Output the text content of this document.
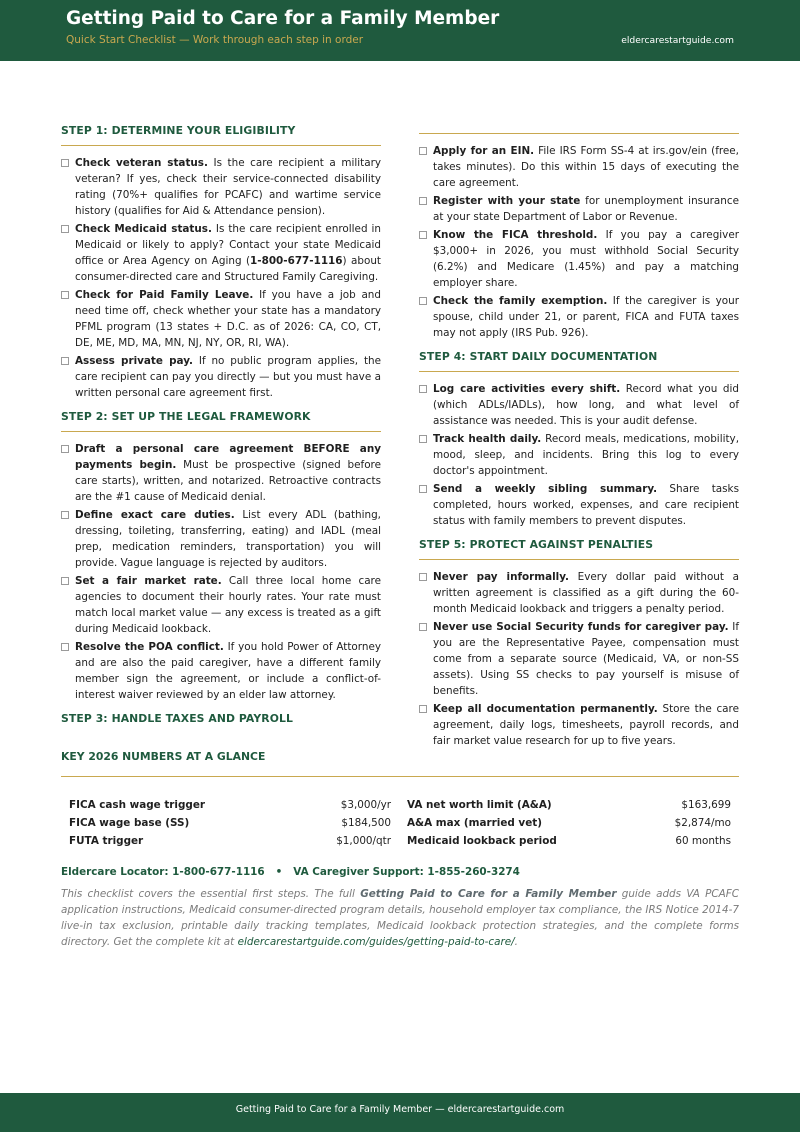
Getting Paid to Care for a Family Member
Quick Start Checklist — Work through each step in order	eldercarestartguide.com
STEP 1: DETERMINE YOUR ELIGIBILITY
Check veteran status. Is the care recipient a military veteran? If yes, check their service-connected disability rating (70%+ qualifies for PCAFC) and wartime service history (qualifies for Aid & Attendance pension).
Check Medicaid status. Is the care recipient enrolled in Medicaid or likely to apply? Contact your state Medicaid office or Area Agency on Aging (1-800-677-1116) about consumer-directed care and Structured Family Caregiving.
Check for Paid Family Leave. If you have a job and need time off, check whether your state has a mandatory PFML program (13 states + D.C. as of 2026: CA, CO, CT, DE, ME, MD, MA, MN, NJ, NY, OR, RI, WA).
Assess private pay. If no public program applies, the care recipient can pay you directly — but you must have a written personal care agreement first.
STEP 2: SET UP THE LEGAL FRAMEWORK
Draft a personal care agreement BEFORE any payments begin. Must be prospective (signed before care starts), written, and notarized. Retroactive contracts are the #1 cause of Medicaid denial.
Define exact care duties. List every ADL (bathing, dressing, toileting, transferring, eating) and IADL (meal prep, medication reminders, transportation) you will provide. Vague language is rejected by auditors.
Set a fair market rate. Call three local home care agencies to document their hourly rates. Your rate must match local market value — any excess is treated as a gift during Medicaid lookback.
Resolve the POA conflict. If you hold Power of Attorney and are also the paid caregiver, have a different family member sign the agreement, or include a conflict-of-interest waiver reviewed by an elder law attorney.
STEP 3: HANDLE TAXES AND PAYROLL
Apply for an EIN. File IRS Form SS-4 at irs.gov/ein (free, takes minutes). Do this within 15 days of executing the care agreement.
Register with your state for unemployment insurance at your state Department of Labor or Revenue.
Know the FICA threshold. If you pay a caregiver $3,000+ in 2026, you must withhold Social Security (6.2%) and Medicare (1.45%) and pay a matching employer share.
Check the family exemption. If the caregiver is your spouse, child under 21, or parent, FICA and FUTA taxes may not apply (IRS Pub. 926).
STEP 4: START DAILY DOCUMENTATION
Log care activities every shift. Record what you did (which ADLs/IADLs), how long, and what level of assistance was needed. This is your audit defense.
Track health daily. Record meals, medications, mobility, mood, sleep, and incidents. Bring this log to every doctor's appointment.
Send a weekly sibling summary. Share tasks completed, hours worked, expenses, and care recipient status with family members to prevent disputes.
STEP 5: PROTECT AGAINST PENALTIES
Never pay informally. Every dollar paid without a written agreement is classified as a gift during the 60-month Medicaid lookback and triggers a penalty period.
Never use Social Security funds for caregiver pay. If you are the Representative Payee, compensation must come from a separate source (Medicaid, VA, or non-SS assets). Using SS checks to pay yourself is misuse of benefits.
Keep all documentation permanently. Store the care agreement, daily logs, timesheets, payroll records, and fair market value research for up to five years.
KEY 2026 NUMBERS AT A GLANCE
FICA cash wage trigger	$3,000/yr VA net worth limit (A&A)	$163,699
FICA wage base (SS)	$184,500 A&A max (married vet)	$2,874/mo
FUTA trigger	$1,000/qtr Medicaid lookback period	60 months
Eldercare Locator: 1-800-677-1116 • VA Caregiver Support: 1-855-260-3274
This checklist covers the essential first steps. The full Getting Paid to Care for a Family Member guide adds VA PCAFC application instructions, Medicaid consumer-directed program details, household employer tax compliance, the IRS Notice 2014-7 live-in tax exclusion, printable daily tracking templates, Medicaid lookback protection strategies, and the complete forms directory. Get the complete kit at eldercarestartguide.com/guides/getting-paid-to-care/.
Getting Paid to Care for a Family Member — eldercarestartguide.com
